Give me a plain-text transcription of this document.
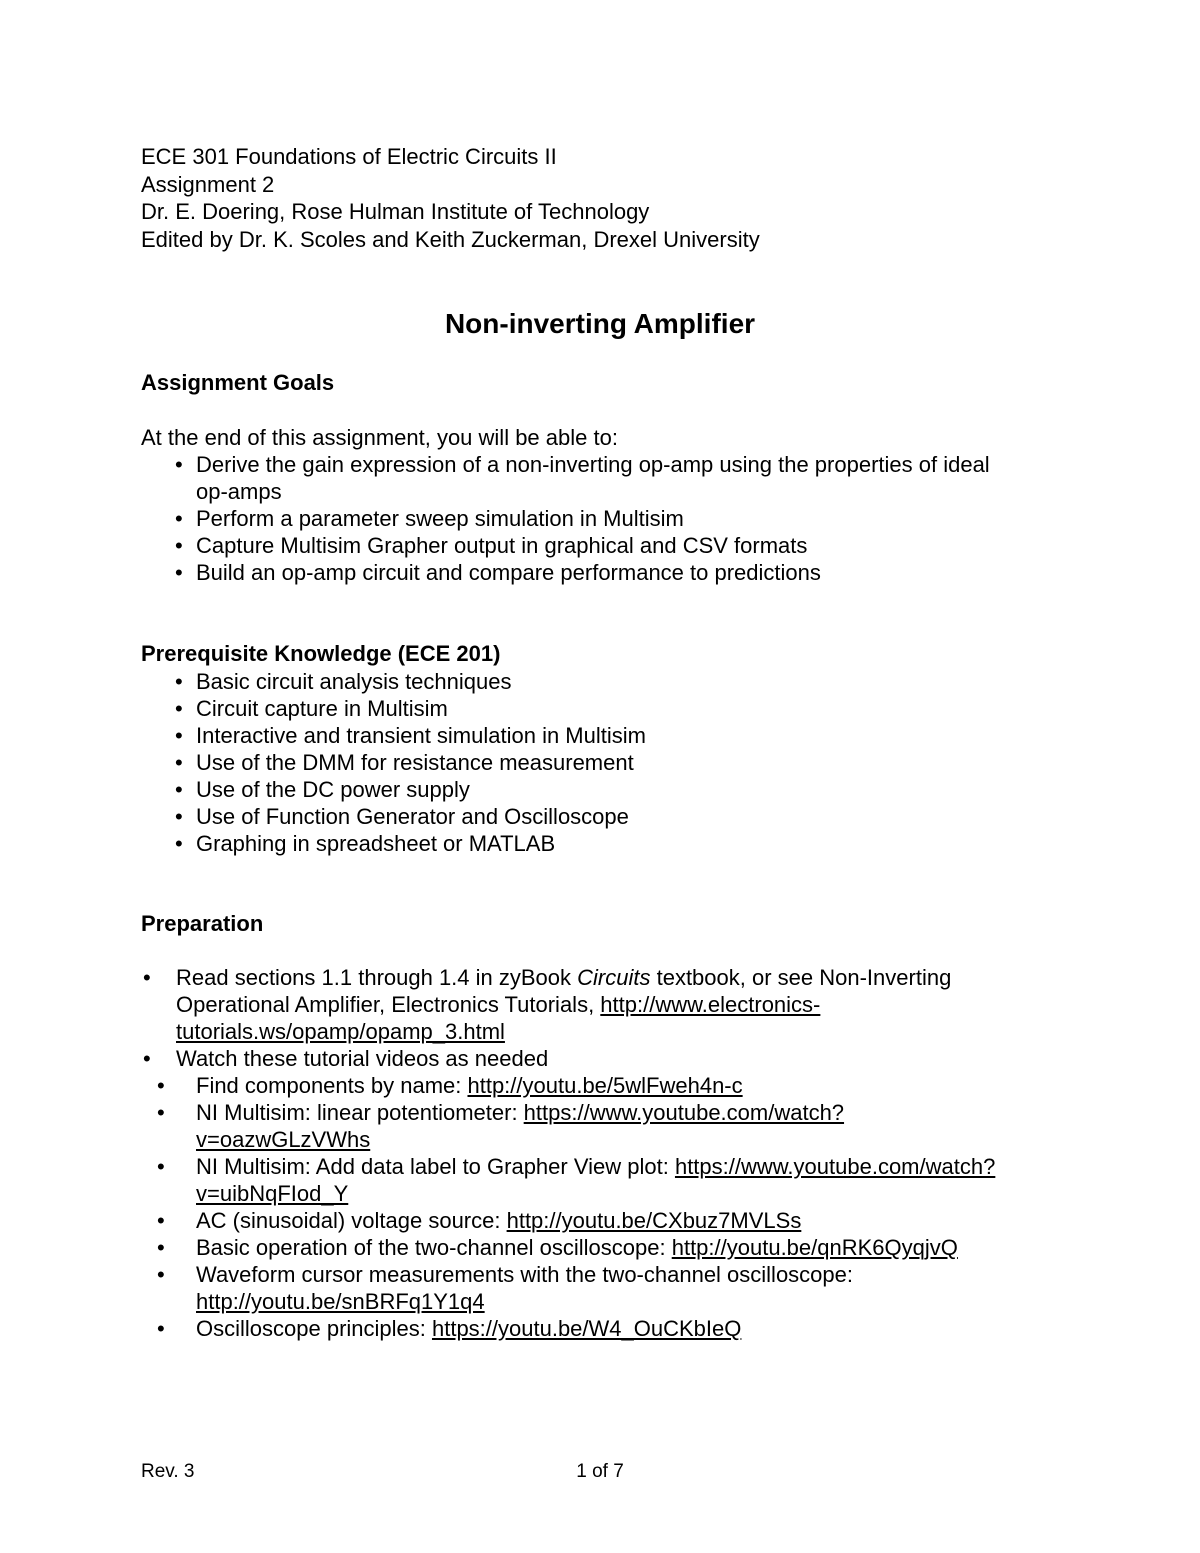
ECE 301 Foundations of Electric Circuits II
Assignment 2
Dr. E. Doering, Rose Hulman Institute of Technology
Edited by Dr. K. Scoles and Keith Zuckerman, Drexel University
Non-inverting Amplifier
Assignment Goals
At the end of this assignment, you will be able to:
• Derive the gain expression of a non-inverting op-amp using the properties of ideal
op-amps
• Perform a parameter sweep simulation in Multisim
• Capture Multisim Grapher output in graphical and CSV formats
• Build an op-amp circuit and compare performance to predictions
Prerequisite Knowledge (ECE 201)
• Basic circuit analysis techniques
• Circuit capture in Multisim
• Interactive and transient simulation in Multisim
• Use of the DMM for resistance measurement
• Use of the DC power supply
• Use of Function Generator and Oscilloscope
• Graphing in spreadsheet or MATLAB
Preparation
• Read sections 1.1 through 1.4 in zyBook Circuits textbook, or see Non-Inverting
Operational Amplifier, Electronics Tutorials, http://www.electronics-
tutorials.ws/opamp/opamp_3.html
• Watch these tutorial videos as needed
• Find components by name: http://youtu.be/5wlFweh4n-c
• NI Multisim: linear potentiometer: https://www.youtube.com/watch?
v=oazwGLzVWhs
• NI Multisim: Add data label to Grapher View plot: https://www.youtube.com/watch?
v=uibNqFIod_Y
• AC (sinusoidal) voltage source: http://youtu.be/CXbuz7MVLSs
• Basic operation of the two-channel oscilloscope: http://youtu.be/qnRK6QyqjvQ
• Waveform cursor measurements with the two-channel oscilloscope:
http://youtu.be/snBRFq1Y1q4
• Oscilloscope principles: https://youtu.be/W4_OuCKbIeQ
Rev. 3	1 of 7
